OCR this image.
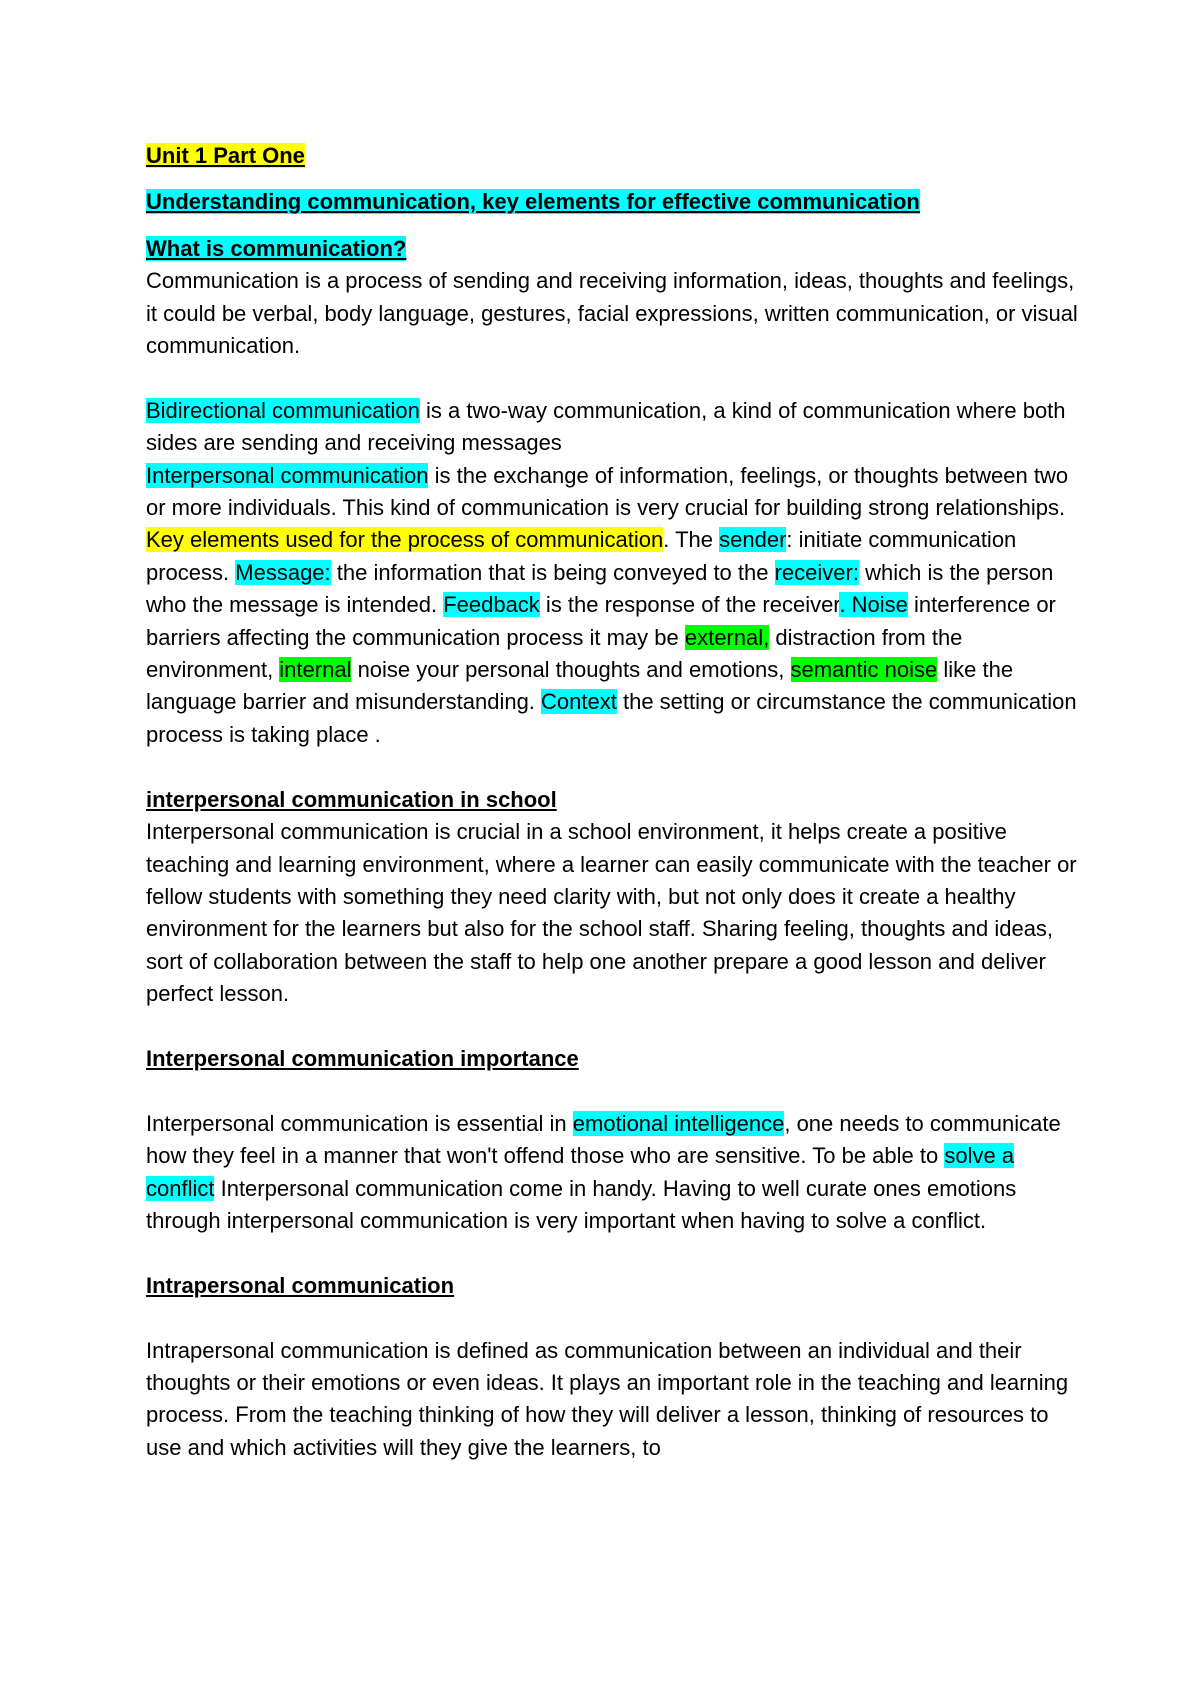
Unit 1 Part One

Understanding communication, key elements for effective communication

What is communication?

Communication is a process of sending and receiving information, ideas, thoughts and feelings, it could be verbal, body language, gestures, facial expressions, written communication, or visual communication.

Bidirectional communication is a two-way communication, a kind of communication where both sides are sending and receiving messages

Interpersonal communication is the exchange of information, feelings, or thoughts between two or more individuals. This kind of communication is very crucial for building strong relationships.

Key elements used for the process of communication. The sender: initiate communication process. Message: the information that is being conveyed to the receiver: which is the person who the message is intended. Feedback is the response of the receiver. Noise interference or barriers affecting the communication process it may be external, distraction from the environment, internal noise your personal thoughts and emotions, semantic noise like the language barrier and misunderstanding. Context the setting or circumstance the communication process is taking place .

interpersonal communication in school

Interpersonal communication is crucial in a school environment, it helps create a positive teaching and learning environment, where a learner can easily communicate with the teacher or fellow students with something they need clarity with, but not only does it create a healthy environment for the learners but also for the school staff. Sharing feeling, thoughts and ideas, sort of collaboration between the staff to help one another prepare a good lesson and deliver perfect lesson.

Interpersonal communication importance

Interpersonal communication is essential in emotional intelligence, one needs to communicate how they feel in a manner that won't offend those who are sensitive. To be able to solve a conflict Interpersonal communication come in handy. Having to well curate ones emotions through interpersonal communication is very important when having to solve a conflict.

Intrapersonal communication

Intrapersonal communication is defined as communication between an individual and their thoughts or their emotions or even ideas. It plays an important role in the teaching and learning process. From the teaching thinking of how they will deliver a lesson, thinking of resources to use and which activities will they give the learners, to
